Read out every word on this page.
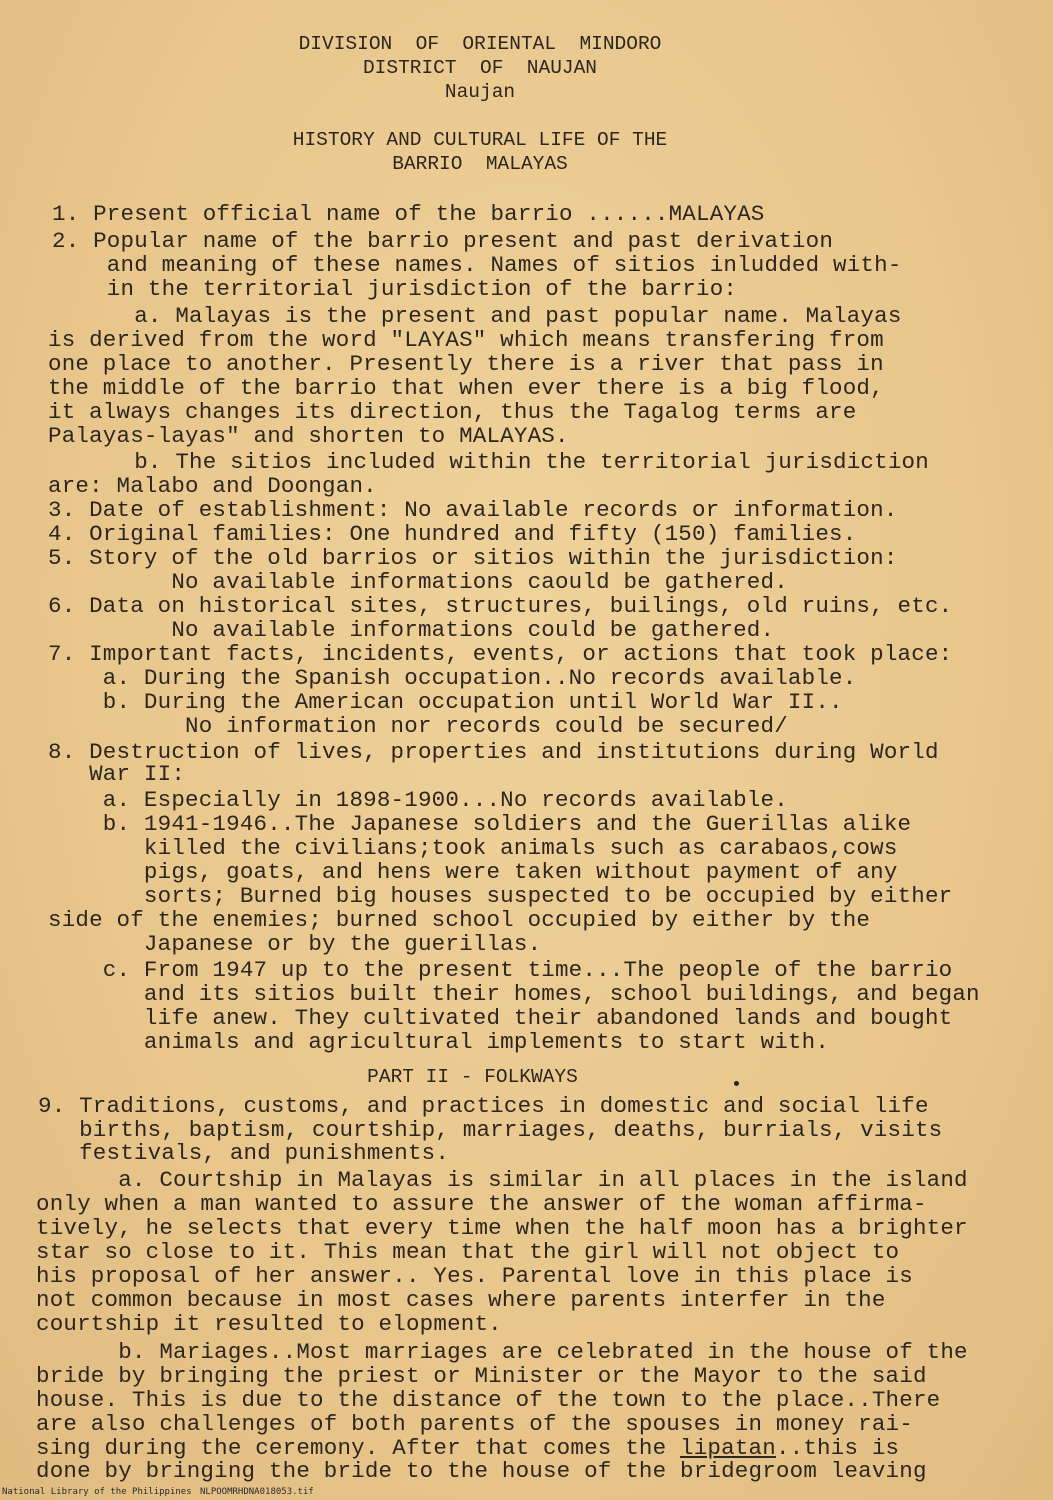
DIVISION  OF  ORIENTAL  MINDORO
DISTRICT  OF  NAUJAN
Naujan
HISTORY AND CULTURAL LIFE OF THE
BARRIO  MALAYAS
1. Present official name of the barrio ......MALAYAS
2. Popular name of the barrio present and past derivation
and meaning of these names. Names of sitios inludded with-
in the territorial jurisdiction of the barrio:
a. Malayas is the present and past popular name. Malayas
is derived from the word "LAYAS" which means transfering from
one place to another. Presently there is a river that pass in
the middle of the barrio that when ever there is a big flood,
it always changes its direction, thus the Tagalog terms are
Palayas-layas" and shorten to MALAYAS.
b. The sitios included within the territorial jurisdiction
are: Malabo and Doongan.
3. Date of establishment: No available records or information.
4. Original families: One hundred and fifty (150) families.
5. Story of the old barrios or sitios within the jurisdiction:
No available informations caould be gathered.
6. Data on historical sites, structures, builings, old ruins, etc.
No available informations could be gathered.
7. Important facts, incidents, events, or actions that took place:
a. During the Spanish occupation..No records available.
b. During the American occupation until World War II..
No information nor records could be secured/
8. Destruction of lives, properties and institutions during World
War II:
a. Especially in 1898-1900...No records available.
b. 1941-1946..The Japanese soldiers and the Guerillas alike
killed the civilians;took animals such as carabaos,cows
pigs, goats, and hens were taken without payment of any
sorts; Burned big houses suspected to be occupied by either
side of the enemies; burned school occupied by either by the
Japanese or by the guerillas.
c. From 1947 up to the present time...The people of the barrio
and its sitios built their homes, school buildings, and began
life anew. They cultivated their abandoned lands and bought
animals and agricultural implements to start with.
PART II - FOLKWAYS
9. Traditions, customs, and practices in domestic and social life
births, baptism, courtship, marriages, deaths, burrials, visits
festivals, and punishments.
a. Courtship in Malayas is similar in all places in the island
only when a man wanted to assure the answer of the woman affirma-
tively, he selects that every time when the half moon has a brighter
star so close to it. This mean that the girl will not object to
his proposal of her answer.. Yes. Parental love in this place is
not common because in most cases where parents interfer in the
courtship it resulted to elopment.
b. Mariages..Most marriages are celebrated in the house of the
bride by bringing the priest or Minister or the Mayor to the said
house. This is due to the distance of the town to the place..There
are also challenges of both parents of the spouses in money rai-
sing during the ceremony. After that comes the lipatan..this is
done by bringing the bride to the house of the bridegroom leaving
National Library of the Philippines NLPOOMRHDNA018053.tif
